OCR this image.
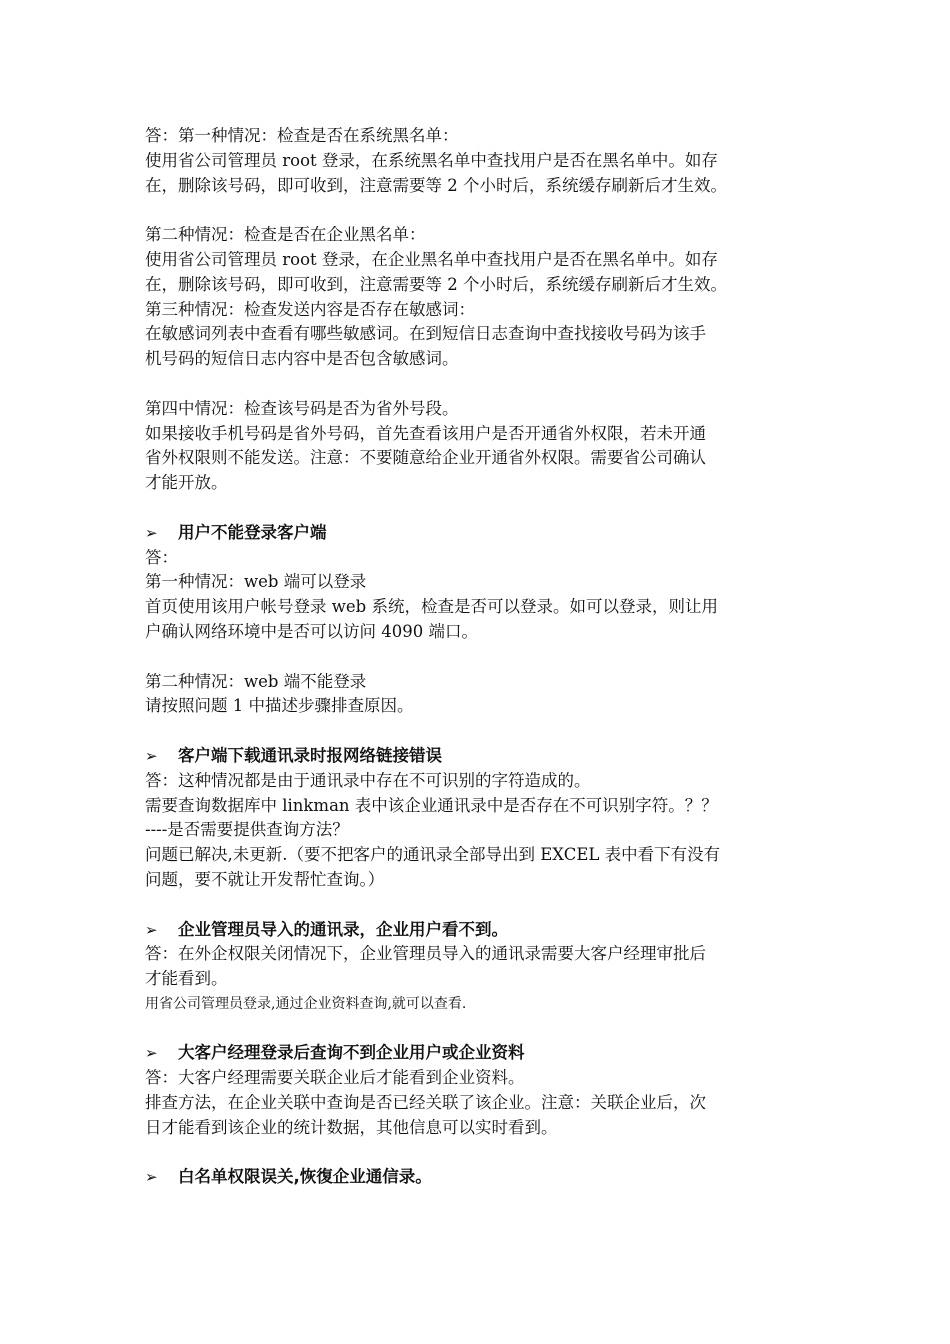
答：第一种情况：检查是否在系统黑名单：
使用省公司管理员 root 登录，在系统黑名单中查找用户是否在黑名单中。如存
在，删除该号码，即可收到，注意需要等 2 个小时后，系统缓存刷新后才生效。
第二种情况：检查是否在企业黑名单：
使用省公司管理员 root 登录，在企业黑名单中查找用户是否在黑名单中。如存
在，删除该号码，即可收到，注意需要等 2 个小时后，系统缓存刷新后才生效。
第三种情况：检查发送内容是否存在敏感词：
在敏感词列表中查看有哪些敏感词。在到短信日志查询中查找接收号码为该手
机号码的短信日志内容中是否包含敏感词。
第四中情况：检查该号码是否为省外号段。
如果接收手机号码是省外号码，首先查看该用户是否开通省外权限，若未开通
省外权限则不能发送。注意：不要随意给企业开通省外权限。需要省公司确认
才能开放。
➢ 用户不能登录客户端
答：
第一种情况：web 端可以登录
首页使用该用户帐号登录 web 系统，检查是否可以登录。如可以登录，则让用
户确认网络环境中是否可以访问 4090 端口。
第二种情况：web 端不能登录
请按照问题 1 中描述步骤排查原因。
➢ 客户端下载通讯录时报网络链接错误
答：这种情况都是由于通讯录中存在不可识别的字符造成的。
需要查询数据库中 linkman 表中该企业通讯录中是否存在不可识别字符。？？
----是否需要提供查询方法？
问题已解决,未更新.（要不把客户的通讯录全部导出到 EXCEL 表中看下有没有
问题，要不就让开发帮忙查询。）
➢ 企业管理员导入的通讯录，企业用户看不到。
答：在外企权限关闭情况下，企业管理员导入的通讯录需要大客户经理审批后
才能看到。
用省公司管理员登录,通过企业资料查询,就可以查看.
➢ 大客户经理登录后查询不到企业用户或企业资料
答：大客户经理需要关联企业后才能看到企业资料。
排查方法，在企业关联中查询是否已经关联了该企业。注意：关联企业后，次
日才能看到该企业的统计数据，其他信息可以实时看到。
➢ 白名单权限误关,恢復企业通信录。
